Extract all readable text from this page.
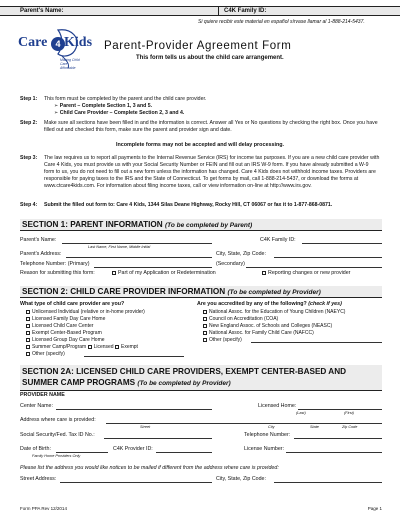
Parent's Name:	C4K Family ID:
Si quiere recibir este material en español sírvase llamar al 1-888-214-5437.
4
Care Kids
Making Child Care Affordable
Parent-Provider Agreement Form
This form tells us about the child care arrangement.
Step 1: This form must be completed by the parent and the child care provider.
➢ Parent – Complete Section 1, 3 and 5.
➢ Child Care Provider – Complete Section 2, 3 and 4.
Step 2: Make sure all sections have been filled in and the information is correct. Answer all Yes or No questions by checking the right box. Once you have filled out and checked this form, make sure the parent and provider sign and date.
Incomplete forms may not be accepted and will delay processing.
Step 3: The law requires us to report all payments to the Internal Revenue Service (IRS) for income tax purposes. If you are a new child care provider with Care 4 Kids, you must provide us with your Social Security Number or FEIN and fill out an IRS W-9 form. If you have already submitted a W-9 form to us, you do not need to fill out a new form unless the information has changed. Care 4 Kids does not withhold income taxes. Providers are responsible for paying taxes to the IRS and the State of Connecticut. To get forms by mail, call 1-888-214-5437, or download the forms at www.ctcare4kids.com. For information about filing income taxes, call or view information on-line at http://www.irs.gov.
Step 4: Submit the filled out form to: Care 4 Kids, 1344 Silas Deane Highway, Rocky Hill, CT 06067 or fax it to 1-877-868-0871.
SECTION 1: PARENT INFORMATION (To be completed by Parent)
Parent's Name:
Last Name, First Name, Middle Initial
C4K Family ID:
Parent's Address:	City, State, Zip Code:
Telephone Number: (Primary)	(Secondary)
Reason for submitting this form:	Part of my Application or Redetermination	Reporting changes or new provider
SECTION 2: CHILD CARE PROVIDER INFORMATION (To be completed by Provider)
What type of child care provider are you?	Are you accredited by any of the following? (check if yes)
Unlicensed Individual (relative or in-home provider)
Licensed Family Day Care Home
Licensed Child Care Center
Exempt Center-Based Program
Licensed Group Day Care Home
Summer Camp/Program Licensed Exempt
Other (specify)
National Assoc. for the Education of Young Children (NAEYC)
Council on Accreditation (COA)
New England Assoc. of Schools and Colleges (NEASC)
National Assoc. for Family Child Care (NAFCC)
Other (specify)
SECTION 2A: LICENSED CHILD CARE PROVIDERS, EXEMPT CENTER-BASED AND
SUMMER CAMP PROGRAMS (To be completed by Provider)
PROVIDER NAME
Center Name:	Licensed Home:
(Last)	(First)
Address where care is provided:
Street	City	State	Zip Code
Social Security/Fed. Tax ID No.:	Telephone Number:
Date of Birth:
Family Home Providers Only
C4K Provider ID:	License Number:
Please list the address you would like notices to be mailed if different from the address where care is provided:
Street Address:	City, State, Zip Code:
Form PPA Rev 12/2014	Page 1
